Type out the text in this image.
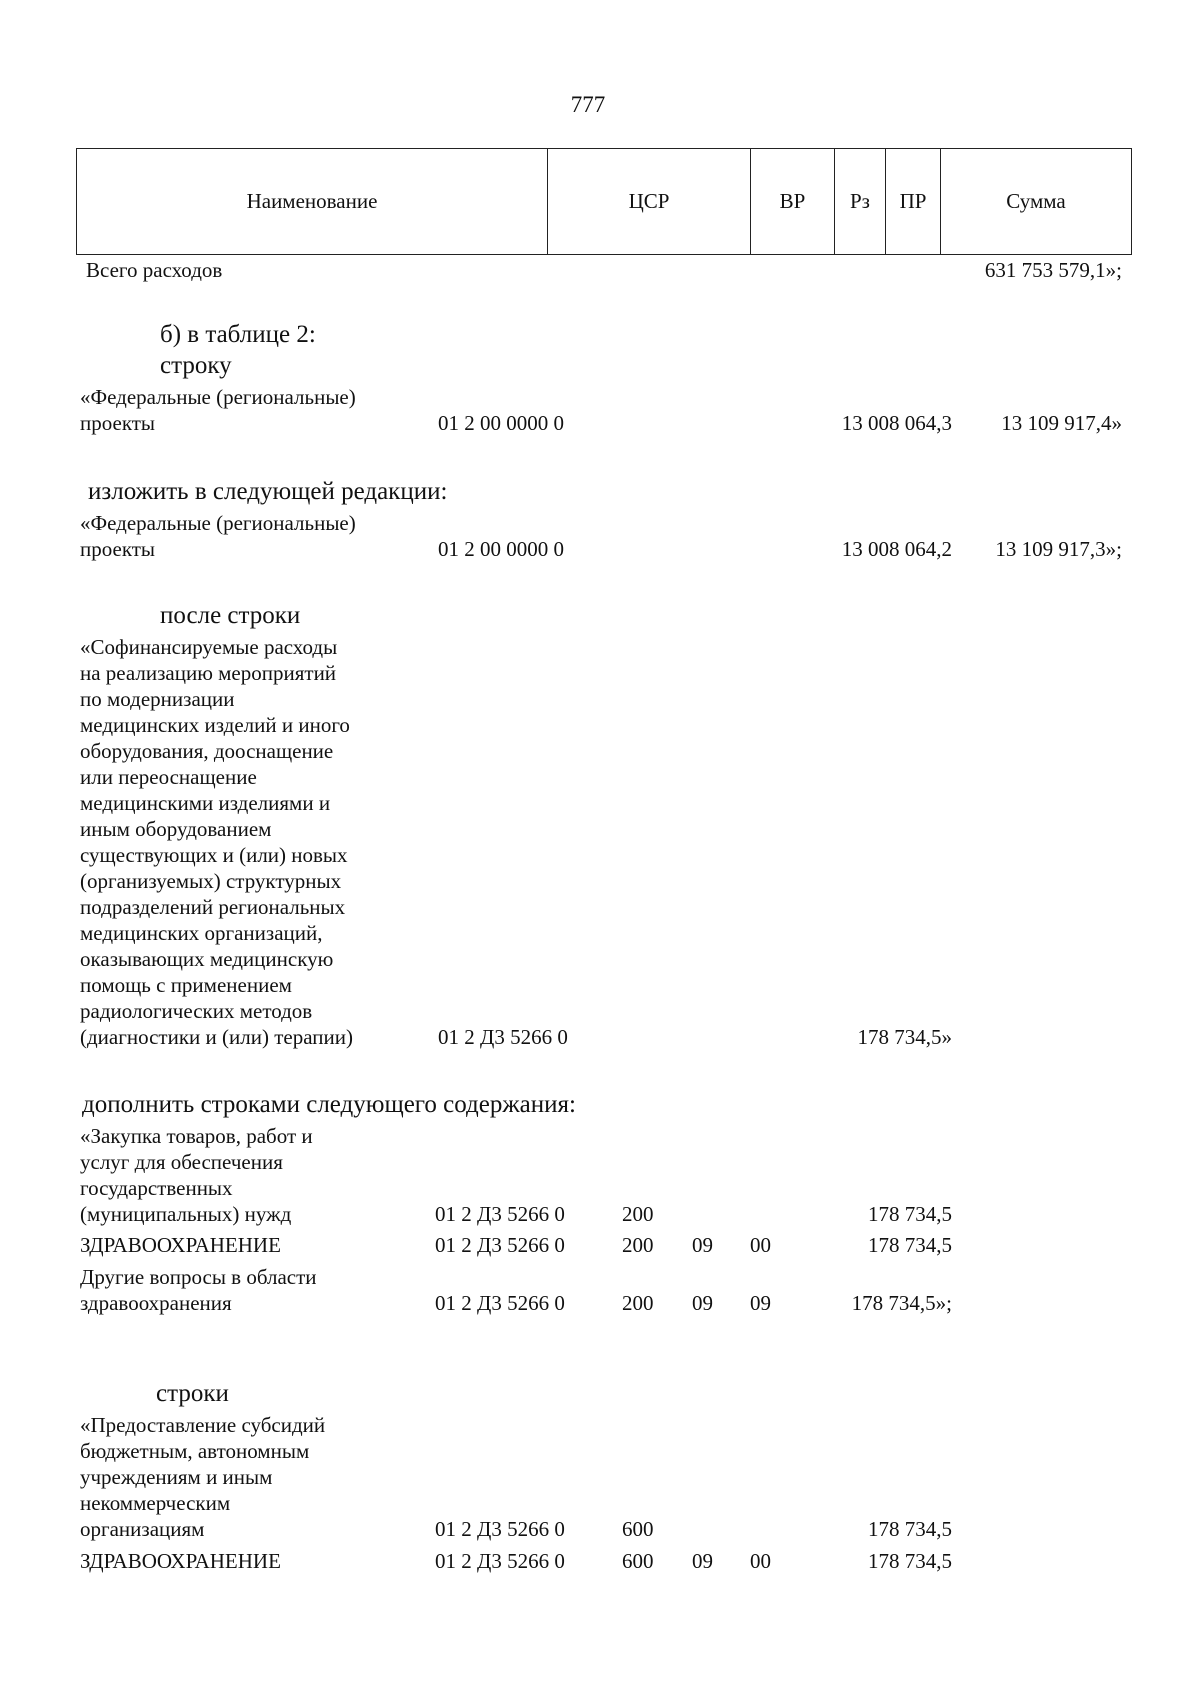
777
Наименование	ЦСР	ВР	Рз	ПР	Сумма
Всего расходов	631 753 579,1»;
б) в таблице 2:
строку
«Федеральные (региональные)
проекты	01 2 00 0000 0	13 008 064,3	13 109 917,4»
изложить в следующей редакции:
«Федеральные (региональные)
проекты	01 2 00 0000 0	13 008 064,2	13 109 917,3»;
после строки
«Софинансируемые расходы
на реализацию мероприятий
по модернизации
медицинских изделий и иного
оборудования, дооснащение
или переоснащение
медицинскими изделиями и
иным оборудованием
существующих и (или) новых
(организуемых) структурных
подразделений региональных
медицинских организаций,
оказывающих медицинскую
помощь с применением
радиологических методов
(диагностики и (или) терапии)	01 2 Д3 5266 0	178 734,5»
дополнить строками следующего содержания:
«Закупка товаров, работ и
услуг для обеспечения
государственных
(муниципальных) нужд	01 2 Д3 5266 0	200	178 734,5
ЗДРАВООХРАНЕНИЕ	01 2 Д3 5266 0	200 09 00	178 734,5
Другие вопросы в области
здравоохранения	01 2 Д3 5266 0	200 09 09	178 734,5»;
строки
«Предоставление субсидий
бюджетным, автономным
учреждениям и иным
некоммерческим
организациям	01 2 Д3 5266 0	600	178 734,5
ЗДРАВООХРАНЕНИЕ	01 2 Д3 5266 0	600 09 00	178 734,5
